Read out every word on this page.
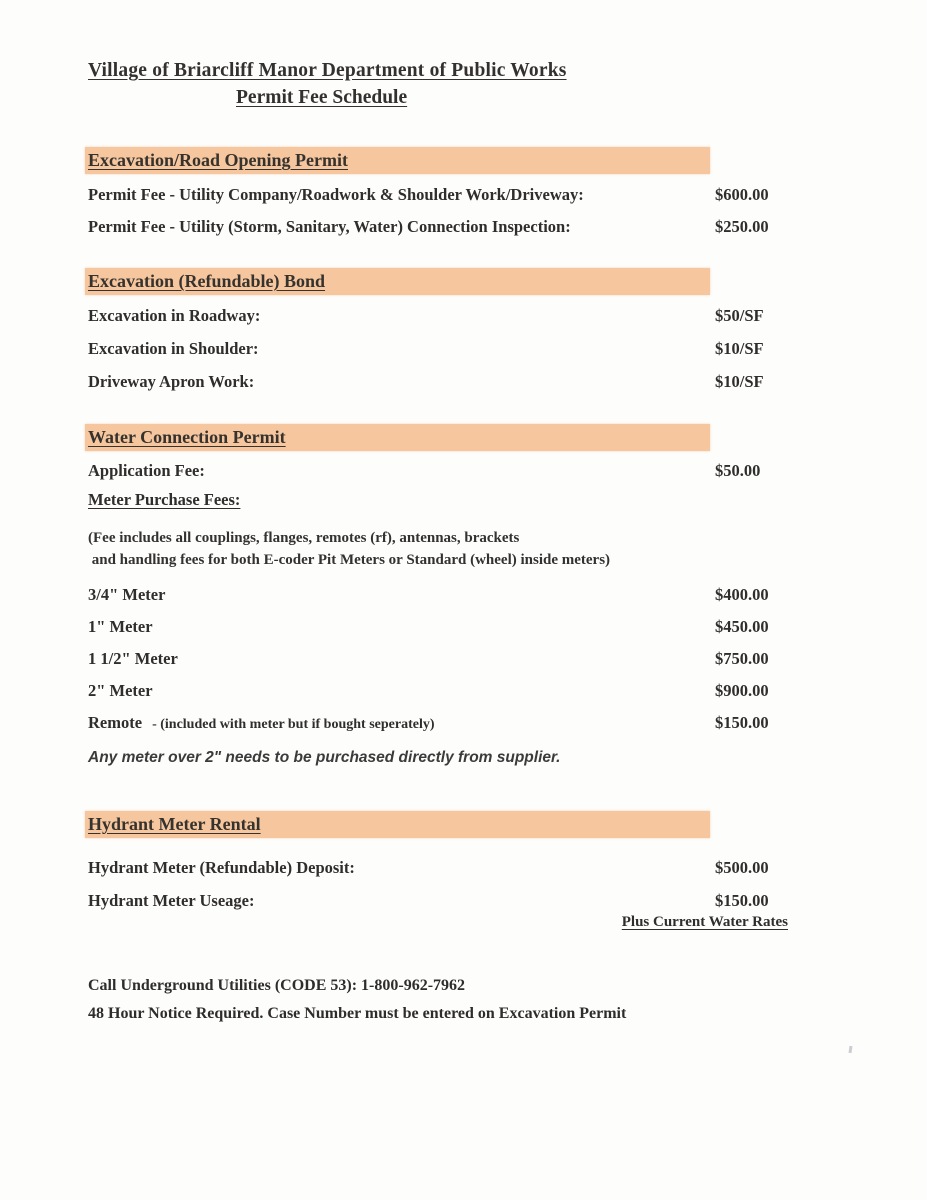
Village of Briarcliff Manor Department of Public Works
Permit Fee Schedule
Excavation/Road Opening Permit
Permit Fee - Utility Company/Roadwork & Shoulder Work/Driveway:	$600.00
Permit Fee - Utility (Storm, Sanitary, Water) Connection Inspection:	$250.00
Excavation (Refundable) Bond
Excavation in Roadway:	$50/SF
Excavation in Shoulder:	$10/SF
Driveway Apron Work:	$10/SF
Water Connection Permit
Application Fee:	$50.00
Meter Purchase Fees:
(Fee includes all couplings, flanges, remotes (rf), antennas, brackets
and handling fees for both E-coder Pit Meters or Standard (wheel) inside meters)
3/4" Meter	$400.00
1" Meter	$450.00
1 1/2" Meter	$750.00
2" Meter	$900.00
Remote - (included with meter but if bought seperately)	$150.00
Any meter over 2" needs to be purchased directly from supplier.
Hydrant Meter Rental
Hydrant Meter (Refundable) Deposit:	$500.00
Hydrant Meter Useage:	$150.00
Plus Current Water Rates
Call Underground Utilities (CODE 53): 1-800-962-7962
48 Hour Notice Required. Case Number must be entered on Excavation Permit
